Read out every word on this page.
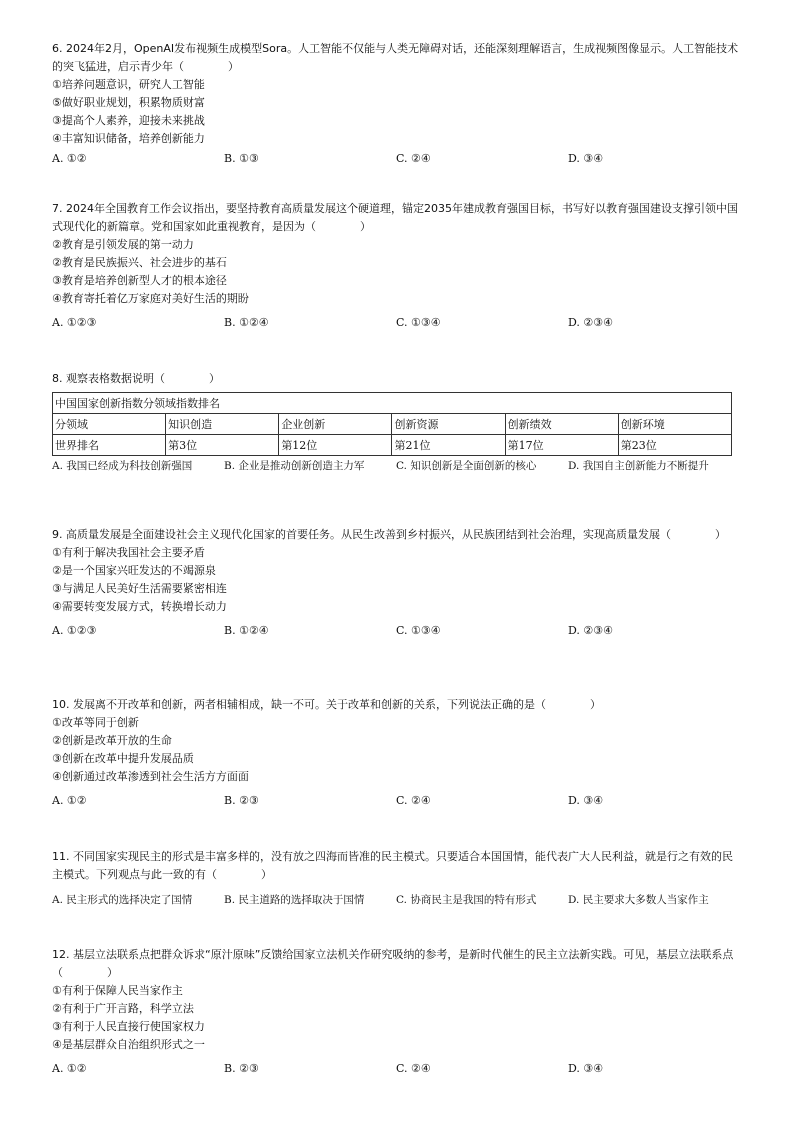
6. 2024年2月，OpenAI发布视频生成模型Sora。人工智能不仅能与人类无障碍对话，还能深刻理解语言，生成视频图像显示。人工智能技术的突飞猛进，启示青少年（　　　　）

①培养问题意识，研究人工智能

⑤做好职业规划，积累物质财富

③提高个人素养，迎接未来挑战

④丰富知识储备，培养创新能力

A. ①②	B. ①③	C. ②④	D. ③④

7. 2024年全国教育工作会议指出，要坚持教育高质量发展这个硬道理，锚定2035年建成教育强国目标，书写好以教育强国建设支撑引领中国式现代化的新篇章。党和国家如此重视教育，是因为（　　　　）

②教育是引领发展的第一动力

②教育是民族振兴、社会进步的基石

③教育是培养创新型人才的根本途径

④教育寄托着亿万家庭对美好生活的期盼

A. ①②③	B. ①②④	C. ①③④	D. ②③④

8. 观察表格数据说明（　　　　）

中国国家创新指数分领域指数排名					
分领域	知识创造	企业创新	创新资源	创新绩效	创新环境
世界排名	第3位	第12位	第21位	第17位	第23位
A. 我国已经成为科技创新强国	B. 企业是推动创新创造主力军	C. 知识创新是全面创新的核心	D. 我国自主创新能力不断提升

9. 高质量发展是全面建设社会主义现代化国家的首要任务。从民生改善到乡村振兴，从民族团结到社会治理，实现高质量发展（　　　　）

①有利于解决我国社会主要矛盾

②是一个国家兴旺发达的不竭源泉

③与满足人民美好生活需要紧密相连

④需要转变发展方式，转换增长动力

A. ①②③	B. ①②④	C. ①③④	D. ②③④

10. 发展离不开改革和创新，两者相辅相成，缺一不可。关于改革和创新的关系，下列说法正确的是（　　　　）

①改革等同于创新

②创新是改革开放的生命

③创新在改革中提升发展品质

④创新通过改革渗透到社会生活方方面面

A. ①②	B. ②③	C. ②④	D. ③④

11. 不同国家实现民主的形式是丰富多样的，没有放之四海而皆准的民主模式。只要适合本国国情，能代表广大人民利益，就是行之有效的民主模式。下列观点与此一致的有（　　　　）

A. 民主形式的选择决定了国情	B. 民主道路的选择取决于国情	C. 协商民主是我国的特有形式	D. 民主要求大多数人当家作主

12. 基层立法联系点把群众诉求“原汁原味”反馈给国家立法机关作研究吸纳的参考，是新时代催生的民主立法新实践。可见，基层立法联系点（　　　　）

①有利于保障人民当家作主

②有利于广开言路，科学立法

③有利于人民直接行使国家权力

④是基层群众自治组织形式之一

A. ①②	B. ②③	C. ②④	D. ③④
